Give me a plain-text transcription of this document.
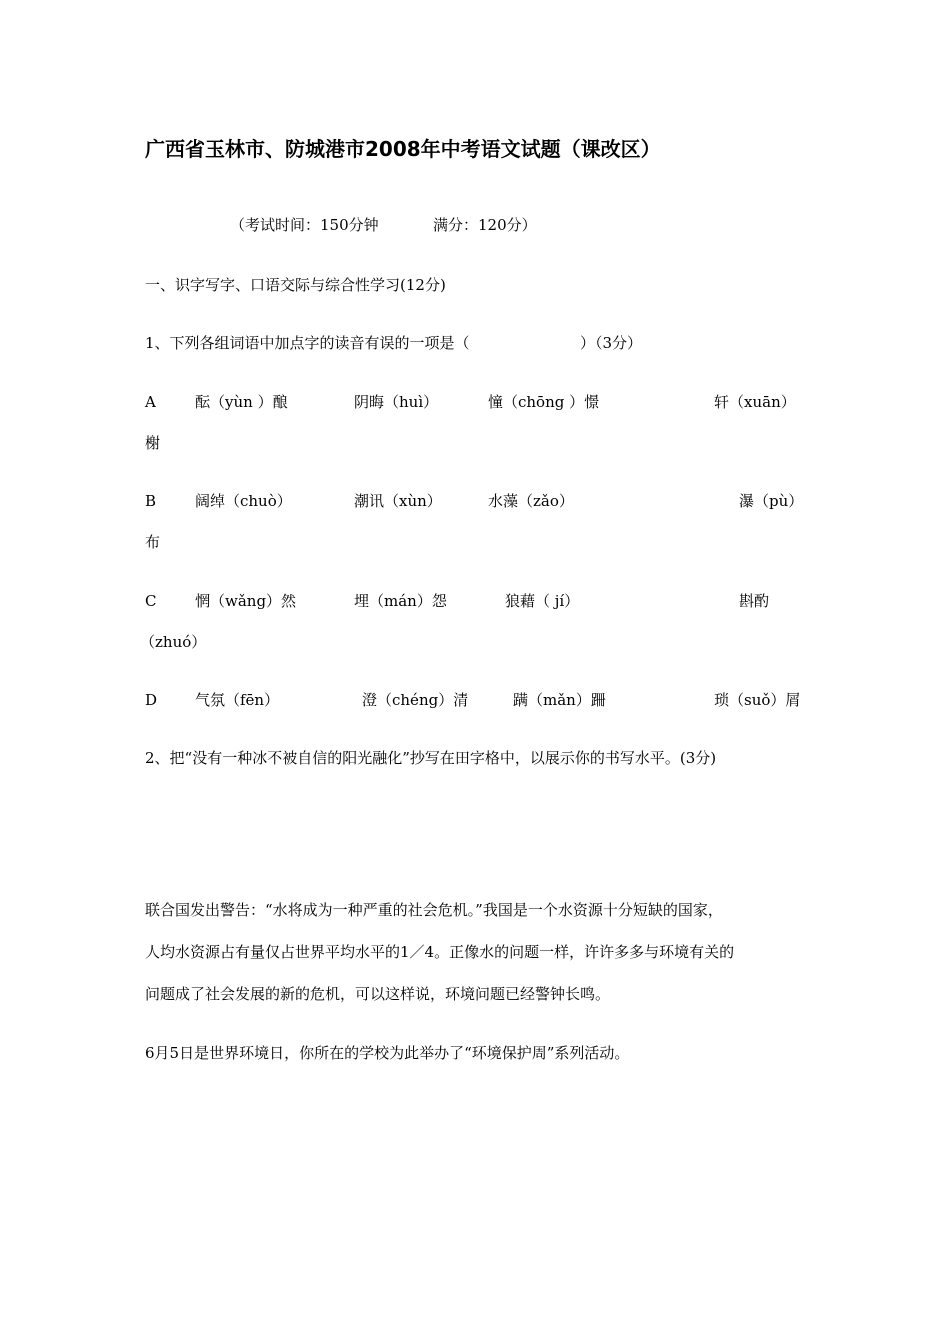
广西省玉林市、防城港市2008年中考语文试题（课改区）
（考试时间：150分钟	满分：120分）
一、识字写字、口语交际与综合性学习(12分)
1、下列各组词语中加点字的读音有误的一项是（	）（3分）
A	酝（yùn ）酿	阴晦（huì）	憧（chōng ）憬	轩（xuān）
榭
B	阔绰（chuò）	潮讯（xùn）	水藻（zǎo）	瀑（pù）
布
C	惘（wǎng）然	埋（mán）怨	狼藉（ jí）	斟酌
（zhuó）
D	气氛（fēn）	澄（chéng）清	蹒（mǎn）跚	琐（suǒ）屑
2、把“没有一种冰不被自信的阳光融化”抄写在田字格中，以展示你的书写水平。(3分)
联合国发出警告：“水将成为一种严重的社会危机。”我国是一个水资源十分短缺的国家，
人均水资源占有量仅占世界平均水平的1／4。正像水的问题一样，许许多多与环境有关的
问题成了社会发展的新的危机，可以这样说，环境问题已经警钟长鸣。
6月5日是世界环境日，你所在的学校为此举办了“环境保护周”系列活动。
